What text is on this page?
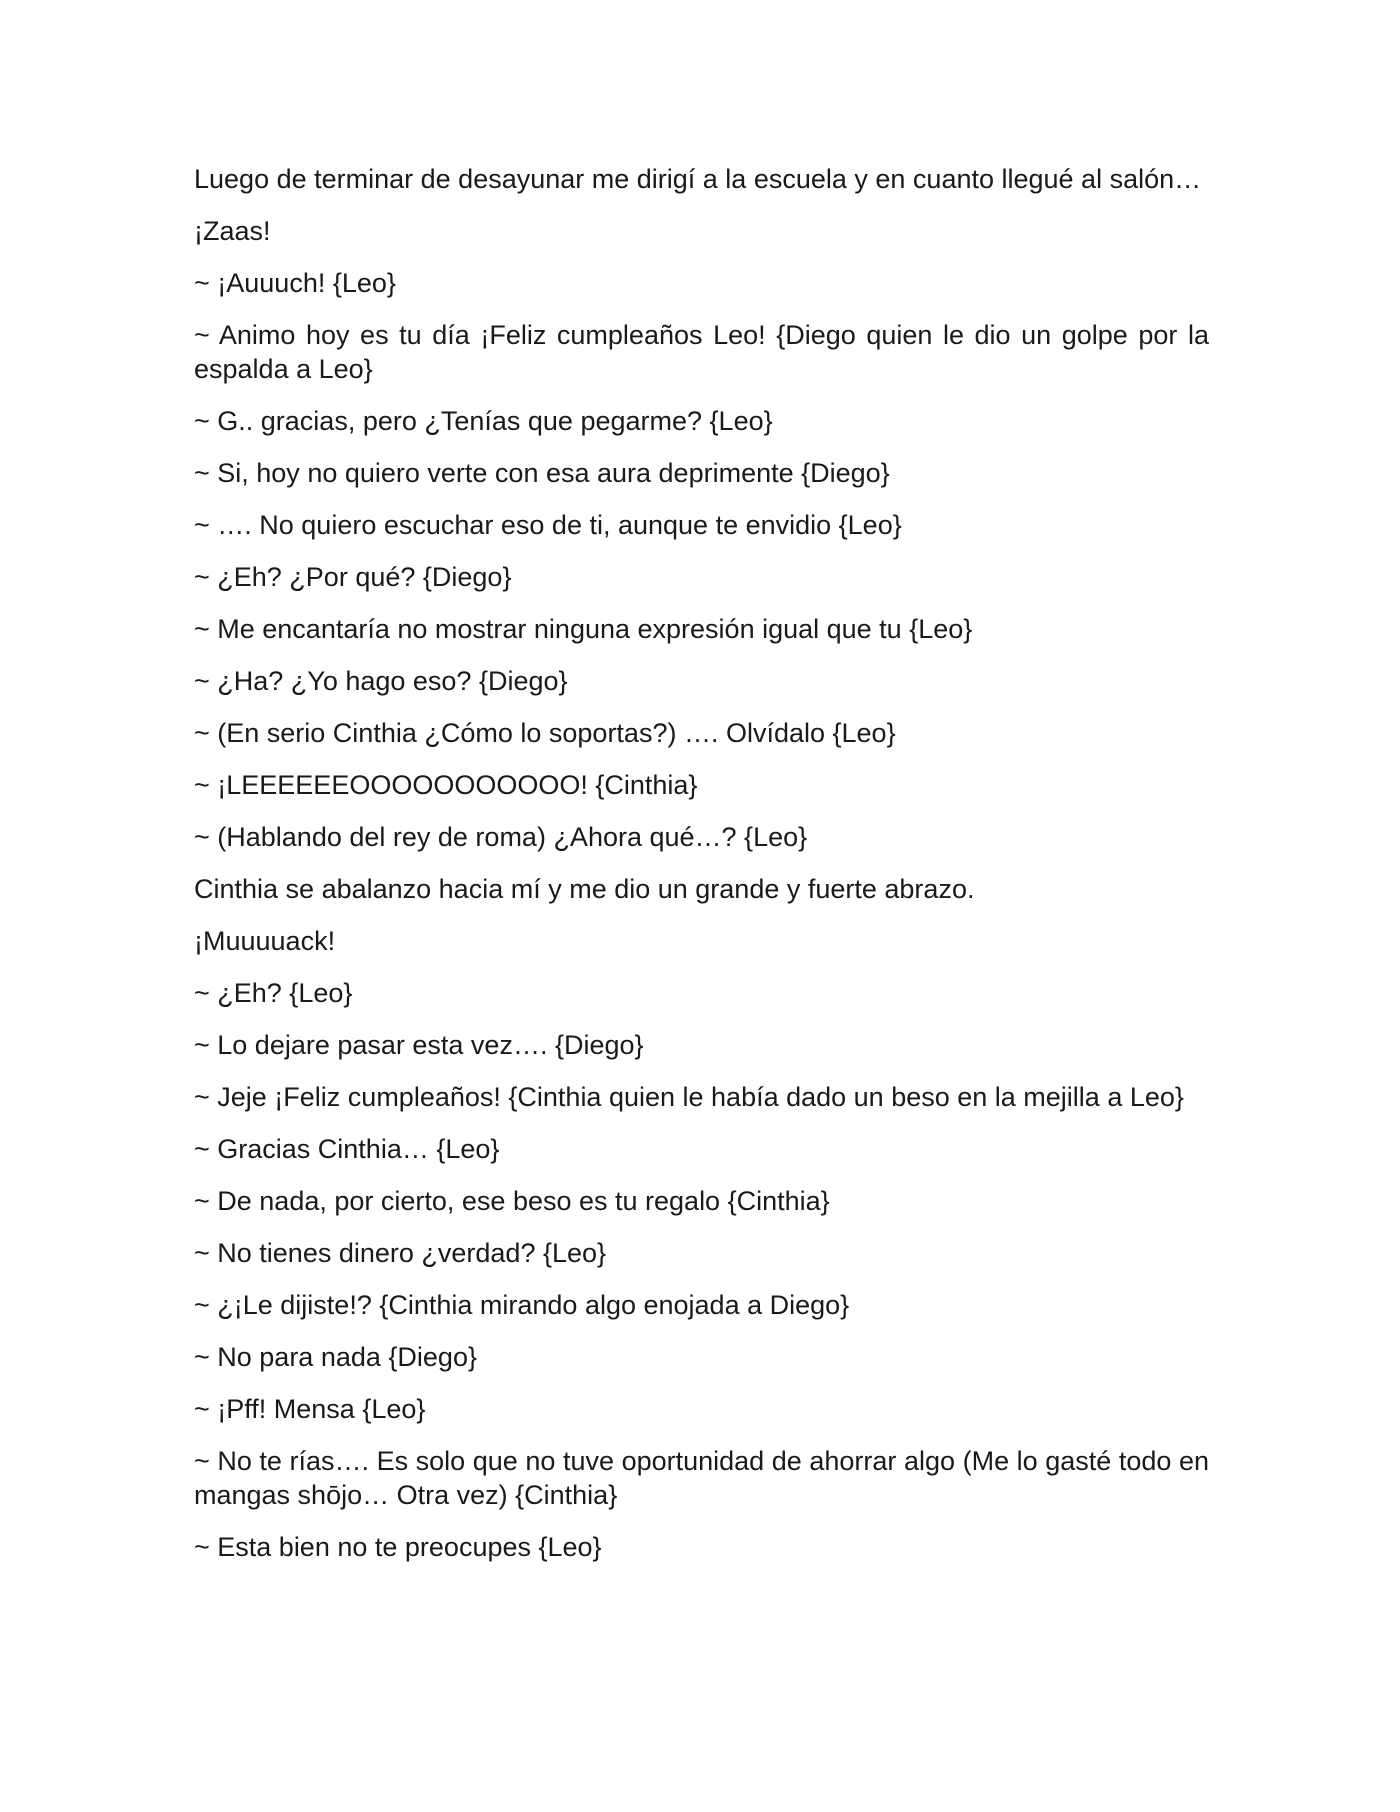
Luego de terminar de desayunar me dirigí a la escuela y en cuanto llegué al salón…

¡Zaas!

~ ¡Auuuch! {Leo}

~ Animo hoy es tu día ¡Feliz cumpleaños Leo! {Diego quien le dio un golpe por la espalda a Leo}

~ G.. gracias, pero ¿Tenías que pegarme? {Leo}

~ Si, hoy no quiero verte con esa aura deprimente {Diego}

~ …. No quiero escuchar eso de ti, aunque te envidio {Leo}

~ ¿Eh? ¿Por qué? {Diego}

~ Me encantaría no mostrar ninguna expresión igual que tu {Leo}

~ ¿Ha? ¿Yo hago eso? {Diego}

~ (En serio Cinthia ¿Cómo lo soportas?) …. Olvídalo {Leo}

~ ¡LEEEEEEOOOOOOOOOOO! {Cinthia}

~ (Hablando del rey de roma) ¿Ahora qué…? {Leo}

Cinthia se abalanzo hacia mí y me dio un grande y fuerte abrazo.

¡Muuuuack!

~ ¿Eh? {Leo}

~ Lo dejare pasar esta vez…. {Diego}

~ Jeje ¡Feliz cumpleaños! {Cinthia quien le había dado un beso en la mejilla a Leo}

~ Gracias Cinthia… {Leo}

~ De nada, por cierto, ese beso es tu regalo {Cinthia}

~ No tienes dinero ¿verdad? {Leo}

~ ¿¡Le dijiste!? {Cinthia mirando algo enojada a Diego}

~ No para nada {Diego}

~ ¡Pff! Mensa {Leo}

~ No te rías…. Es solo que no tuve oportunidad de ahorrar algo (Me lo gasté todo en mangas shōjo… Otra vez) {Cinthia}

~ Esta bien no te preocupes {Leo}
